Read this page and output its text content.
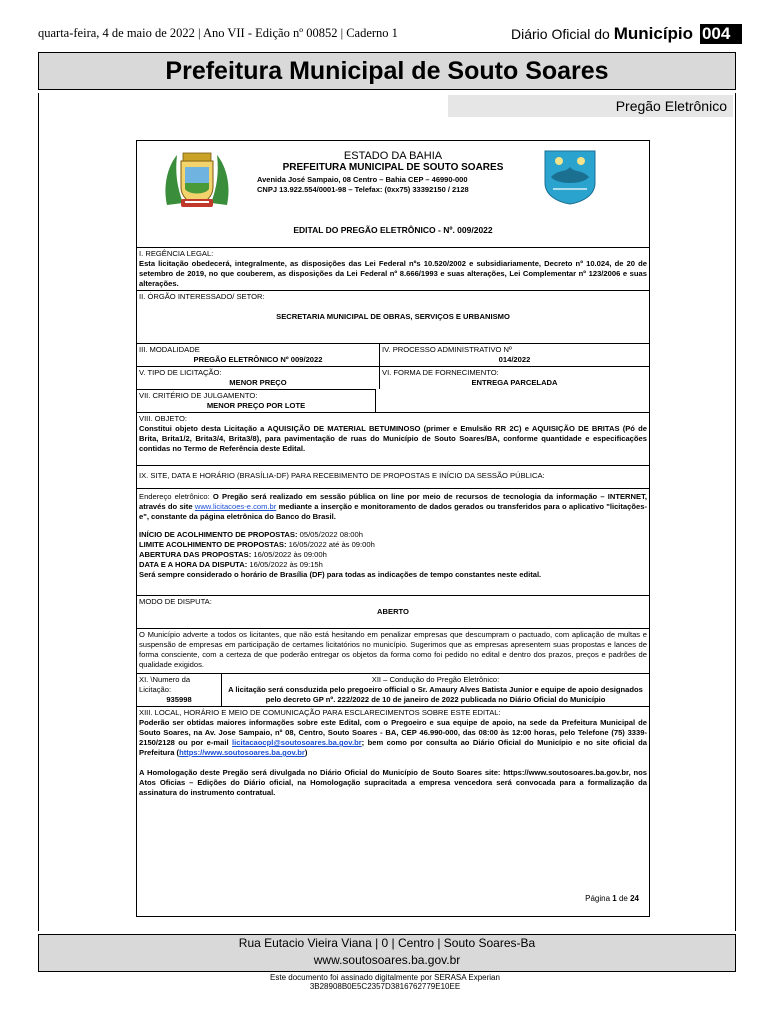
quarta-feira, 4 de maio de 2022 | Ano VII - Edição nº 00852 | Caderno 1	Diário Oficial do Município 004
Prefeitura Municipal de Souto Soares
Pregão Eletrônico
ESTADO DA BAHIA
PREFEITURA MUNICIPAL DE SOUTO SOARES
Avenida José Sampaio, 08 Centro – Bahia CEP – 46990-000
CNPJ 13.922.554/0001-98 – Telefax: (0xx75) 33392150 / 2128
EDITAL DO PREGÃO ELETRÔNICO - Nº. 009/2022
I. REGÊNCIA LEGAL:
Esta licitação obedecerá, integralmente, as disposições das Lei Federal nºs 10.520/2002 e subsidiariamente, Decreto nº 10.024, de 20 de setembro de 2019, no que couberem, as disposições da Lei Federal nº 8.666/1993 e suas alterações, Lei Complementar nº 123/2006 e suas alterações.
II. ÓRGÃO INTERESSADO/ SETOR:
SECRETARIA MUNICIPAL DE OBRAS, SERVIÇOS E URBANISMO
III. MODALIDADE
PREGÃO ELETRÔNICO Nº 009/2022
IV. PROCESSO ADMINISTRATIVO Nº
014/2022
V. TIPO DE LICITAÇÃO:
MENOR PREÇO
VI. FORMA DE FORNECIMENTO:
ENTREGA PARCELADA
VII. CRITÉRIO DE JULGAMENTO:
MENOR PREÇO POR LOTE
VIII. OBJETO:
Constitui objeto desta Licitação a AQUISIÇÃO DE MATERIAL BETUMINOSO (primer e Emulsão RR 2C) e AQUISIÇÃO DE BRITAS (Pó de Brita, Brita1/2, Brita3/4, Brita3/8), para pavimentação de ruas do Município de Souto Soares/BA, conforme quantidade e especificações contidas no Termo de Referência deste Edital.
IX. SITE, DATA E HORÁRIO (BRASÍLIA-DF) PARA RECEBIMENTO DE PROPOSTAS E INÍCIO DA SESSÃO PÚBLICA:
Endereço eletrônico: O Pregão será realizado em sessão pública on line por meio de recursos de tecnologia da informação – INTERNET, através do site www.licitacoes-e.com.br mediante a inserção e monitoramento de dados gerados ou transferidos para o aplicativo "licitações-e", constante da página eletrônica do Banco do Brasil.
INÍCIO DE ACOLHIMENTO DE PROPOSTAS: 05/05/2022 08:00h
LIMITE ACOLHIMENTO DE PROPOSTAS: 16/05/2022 até às 09:00h
ABERTURA DAS PROPOSTAS: 16/05/2022 às 09:00h
DATA E A HORA DA DISPUTA: 16/05/2022 às 09:15h
Será sempre considerado o horário de Brasília (DF) para todas as indicações de tempo constantes neste edital.
MODO DE DISPUTA:
ABERTO
O Município adverte a todos os licitantes, que não está hesitando em penalizar empresas que descumpram o pactuado, com aplicação de multas e suspensão de empresas em participação de certames licitatórios no município. Sugerimos que as empresas apresentem suas propostas e lances de forma consciente, com a certeza de que poderão entregar os objetos da forma como foi pedido no edital e dentro dos prazos, preços e padrões de qualidade exigidos.
XI. \Numero da Licitação:
935998
XII – Condução do Pregão Eletrônico:
A licitação será consduzida pelo pregoeiro official o Sr. Amaury Alves Batista Junior e equipe de apoio designados pelo decreto GP nº. 222/2022 de 10 de janeiro de 2022 publicada no Diário Oficial do Município
XIII. LOCAL, HORÁRIO E MEIO DE COMUNICAÇÃO PARA ESCLARECIMENTOS SOBRE ESTE EDITAL:
Poderão ser obtidas maiores informações sobre este Edital, com o Pregoeiro e sua equipe de apoio, na sede da Prefeitura Municipal de Souto Soares, na Av. Jose Sampaio, nº 08, Centro, Souto Soares - BA, CEP 46.990-000, das 08:00 às 12:00 horas, pelo Telefone (75) 3339-2150/2128 ou por e-mail licitacaocpl@soutosoares.ba.gov.br; bem como por consulta ao Diário Oficial do Município e no site oficial da Prefeitura (https://www.soutosoares.ba.gov.br)
A Homologação deste Pregão será divulgada no Diário Oficial do Município de Souto Soares site: https://www.soutosoares.ba.gov.br, nos Atos Oficias – Edições do Diário oficial, na Homologação supracitada a empresa vencedora será convocada para a formalização da assinatura do instrumento contratual.
Página 1 de 24
Rua Eutacio Vieira Viana | 0 | Centro | Souto Soares-Ba
www.soutosoares.ba.gov.br
Este documento foi assinado digitalmente por SERASA Experian
3B28908B0E5C2357D3816762779E10EE
